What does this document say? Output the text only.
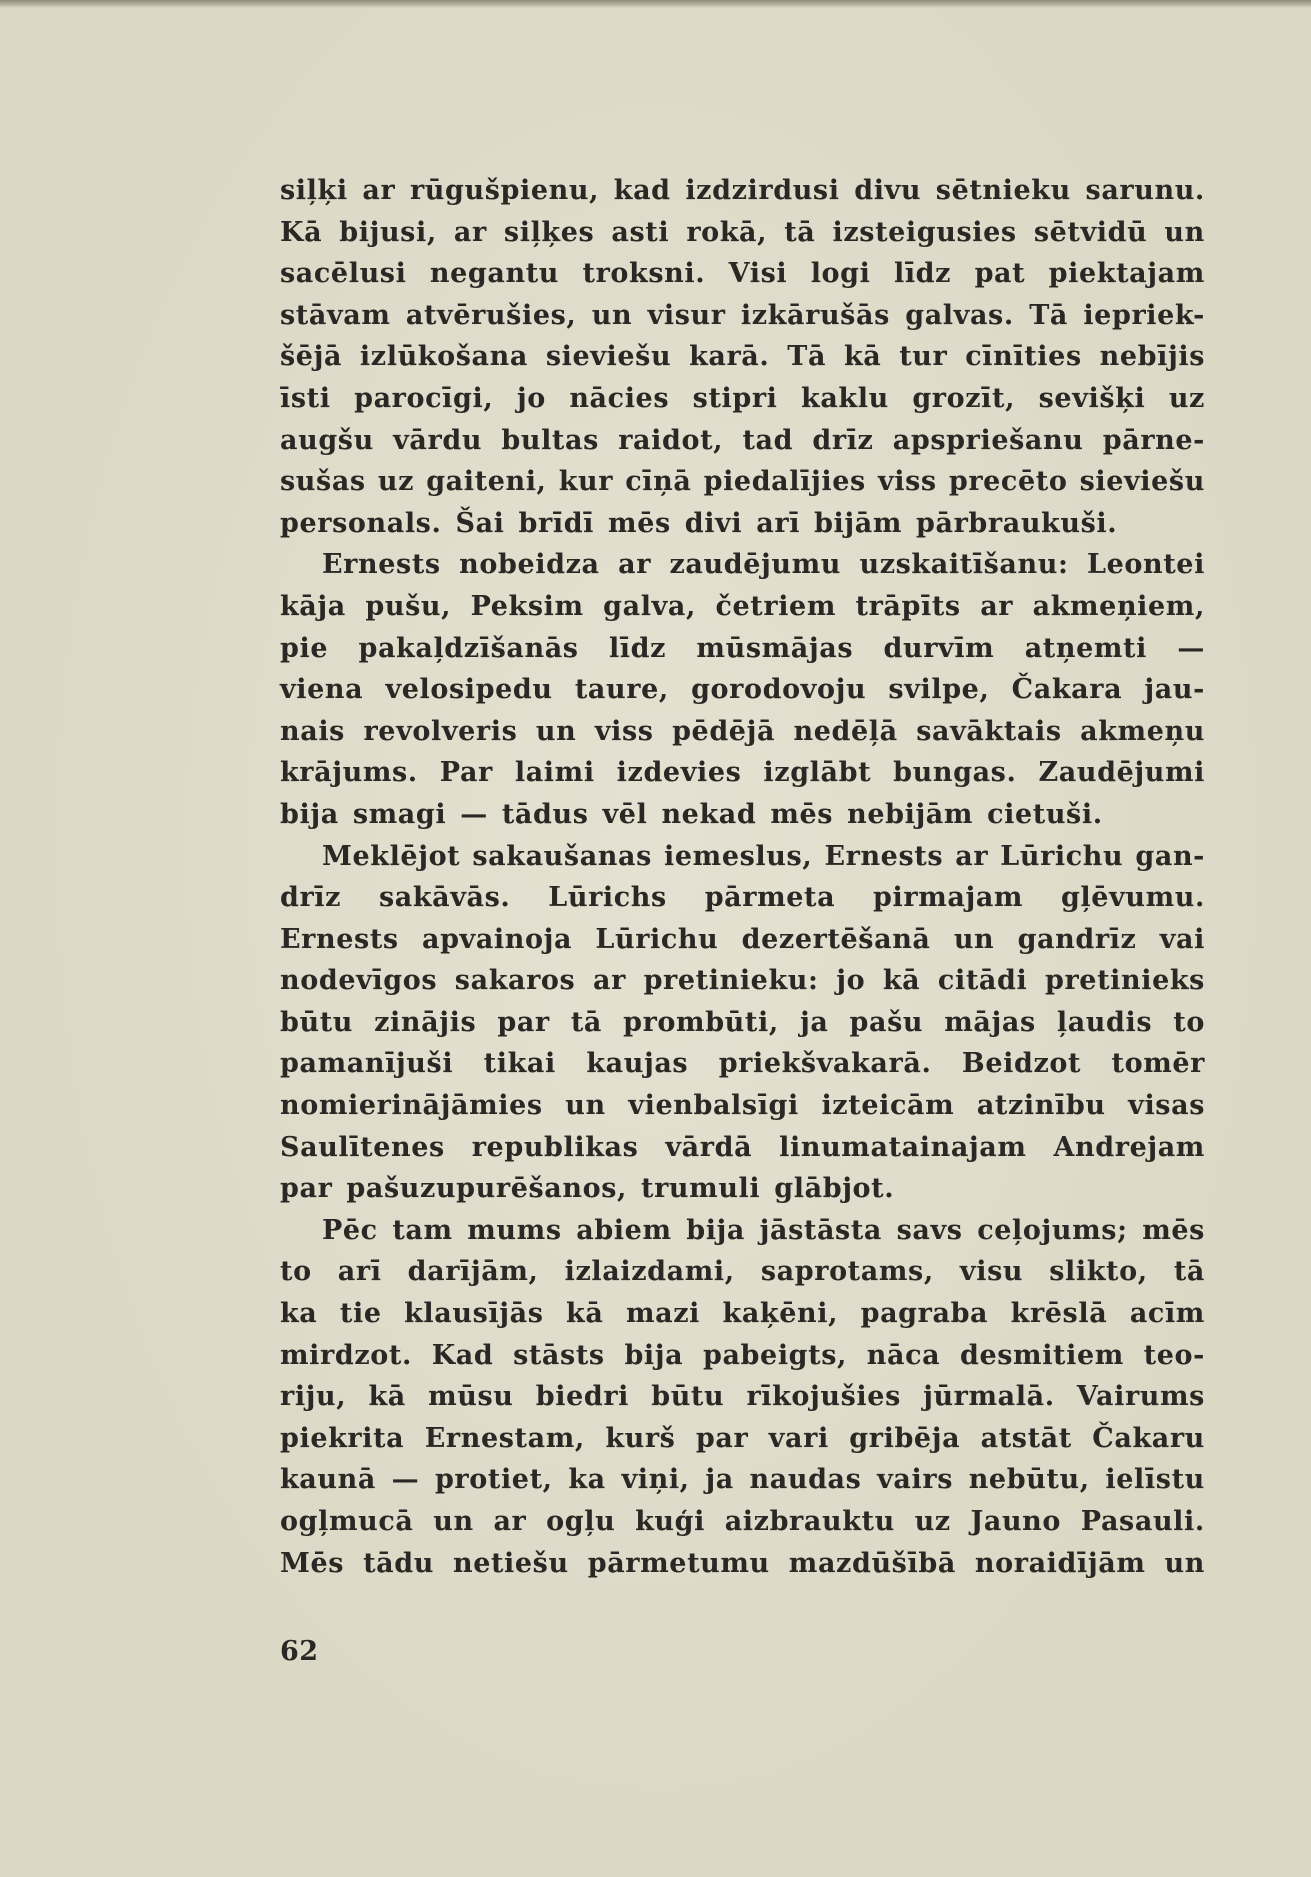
siļķi ar rūgušpienu, kad izdzirdusi divu sētnieku sarunu.
Kā bijusi, ar siļķes asti rokā, tā izsteigusies sētvidū un
sacēlusi negantu troksni. Visi logi līdz pat piektajam
stāvam atvērušies, un visur izkārušās galvas. Tā iepriek-
šējā izlūkošana sieviešu karā. Tā kā tur cīnīties nebījis
īsti parocīgi, jo nācies stipri kaklu grozīt, sevišķi uz
augšu vārdu bultas raidot, tad drīz apspriešanu pārne-
sušas uz gaiteni, kur cīņā piedalījies viss precēto sieviešu
personals. Šai brīdī mēs divi arī bijām pārbraukuši.
Ernests nobeidza ar zaudējumu uzskaitīšanu: Leontei
kāja pušu, Peksim galva, četriem trāpīts ar akmeņiem,
pie pakaļdzīšanās līdz mūsmājas durvīm atņemti —
viena velosipedu taure, gorodovoju svilpe, Čakara jau-
nais revolveris un viss pēdējā nedēļā savāktais akmeņu
krājums. Par laimi izdevies izglābt bungas. Zaudējumi
bija smagi — tādus vēl nekad mēs nebijām cietuši.
Meklējot sakaušanas iemeslus, Ernests ar Lūrichu gan-
drīz sakāvās. Lūrichs pārmeta pirmajam gļēvumu.
Ernests apvainoja Lūrichu dezertēšanā un gandrīz vai
nodevīgos sakaros ar pretinieku: jo kā citādi pretinieks
būtu zinājis par tā prombūti, ja pašu mājas ļaudis to
pamanījuši tikai kaujas priekšvakarā. Beidzot tomēr
nomierinājāmies un vienbalsīgi izteicām atzinību visas
Saulītenes republikas vārdā linumatainajam Andrejam
par pašuzupurēšanos, trumuli glābjot.
Pēc tam mums abiem bija jāstāsta savs ceļojums; mēs
to arī darījām, izlaizdami, saprotams, visu slikto, tā
ka tie klausījās kā mazi kaķēni, pagraba krēslā acīm
mirdzot. Kad stāsts bija pabeigts, nāca desmitiem teo-
riju, kā mūsu biedri būtu rīkojušies jūrmalā. Vairums
piekrita Ernestam, kurš par vari gribēja atstāt Čakaru
kaunā — protiet, ka viņi, ja naudas vairs nebūtu, ielīstu
ogļmucā un ar ogļu kuģi aizbrauktu uz Jauno Pasauli.
Mēs tādu netiešu pārmetumu mazdūšībā noraidījām un
62
